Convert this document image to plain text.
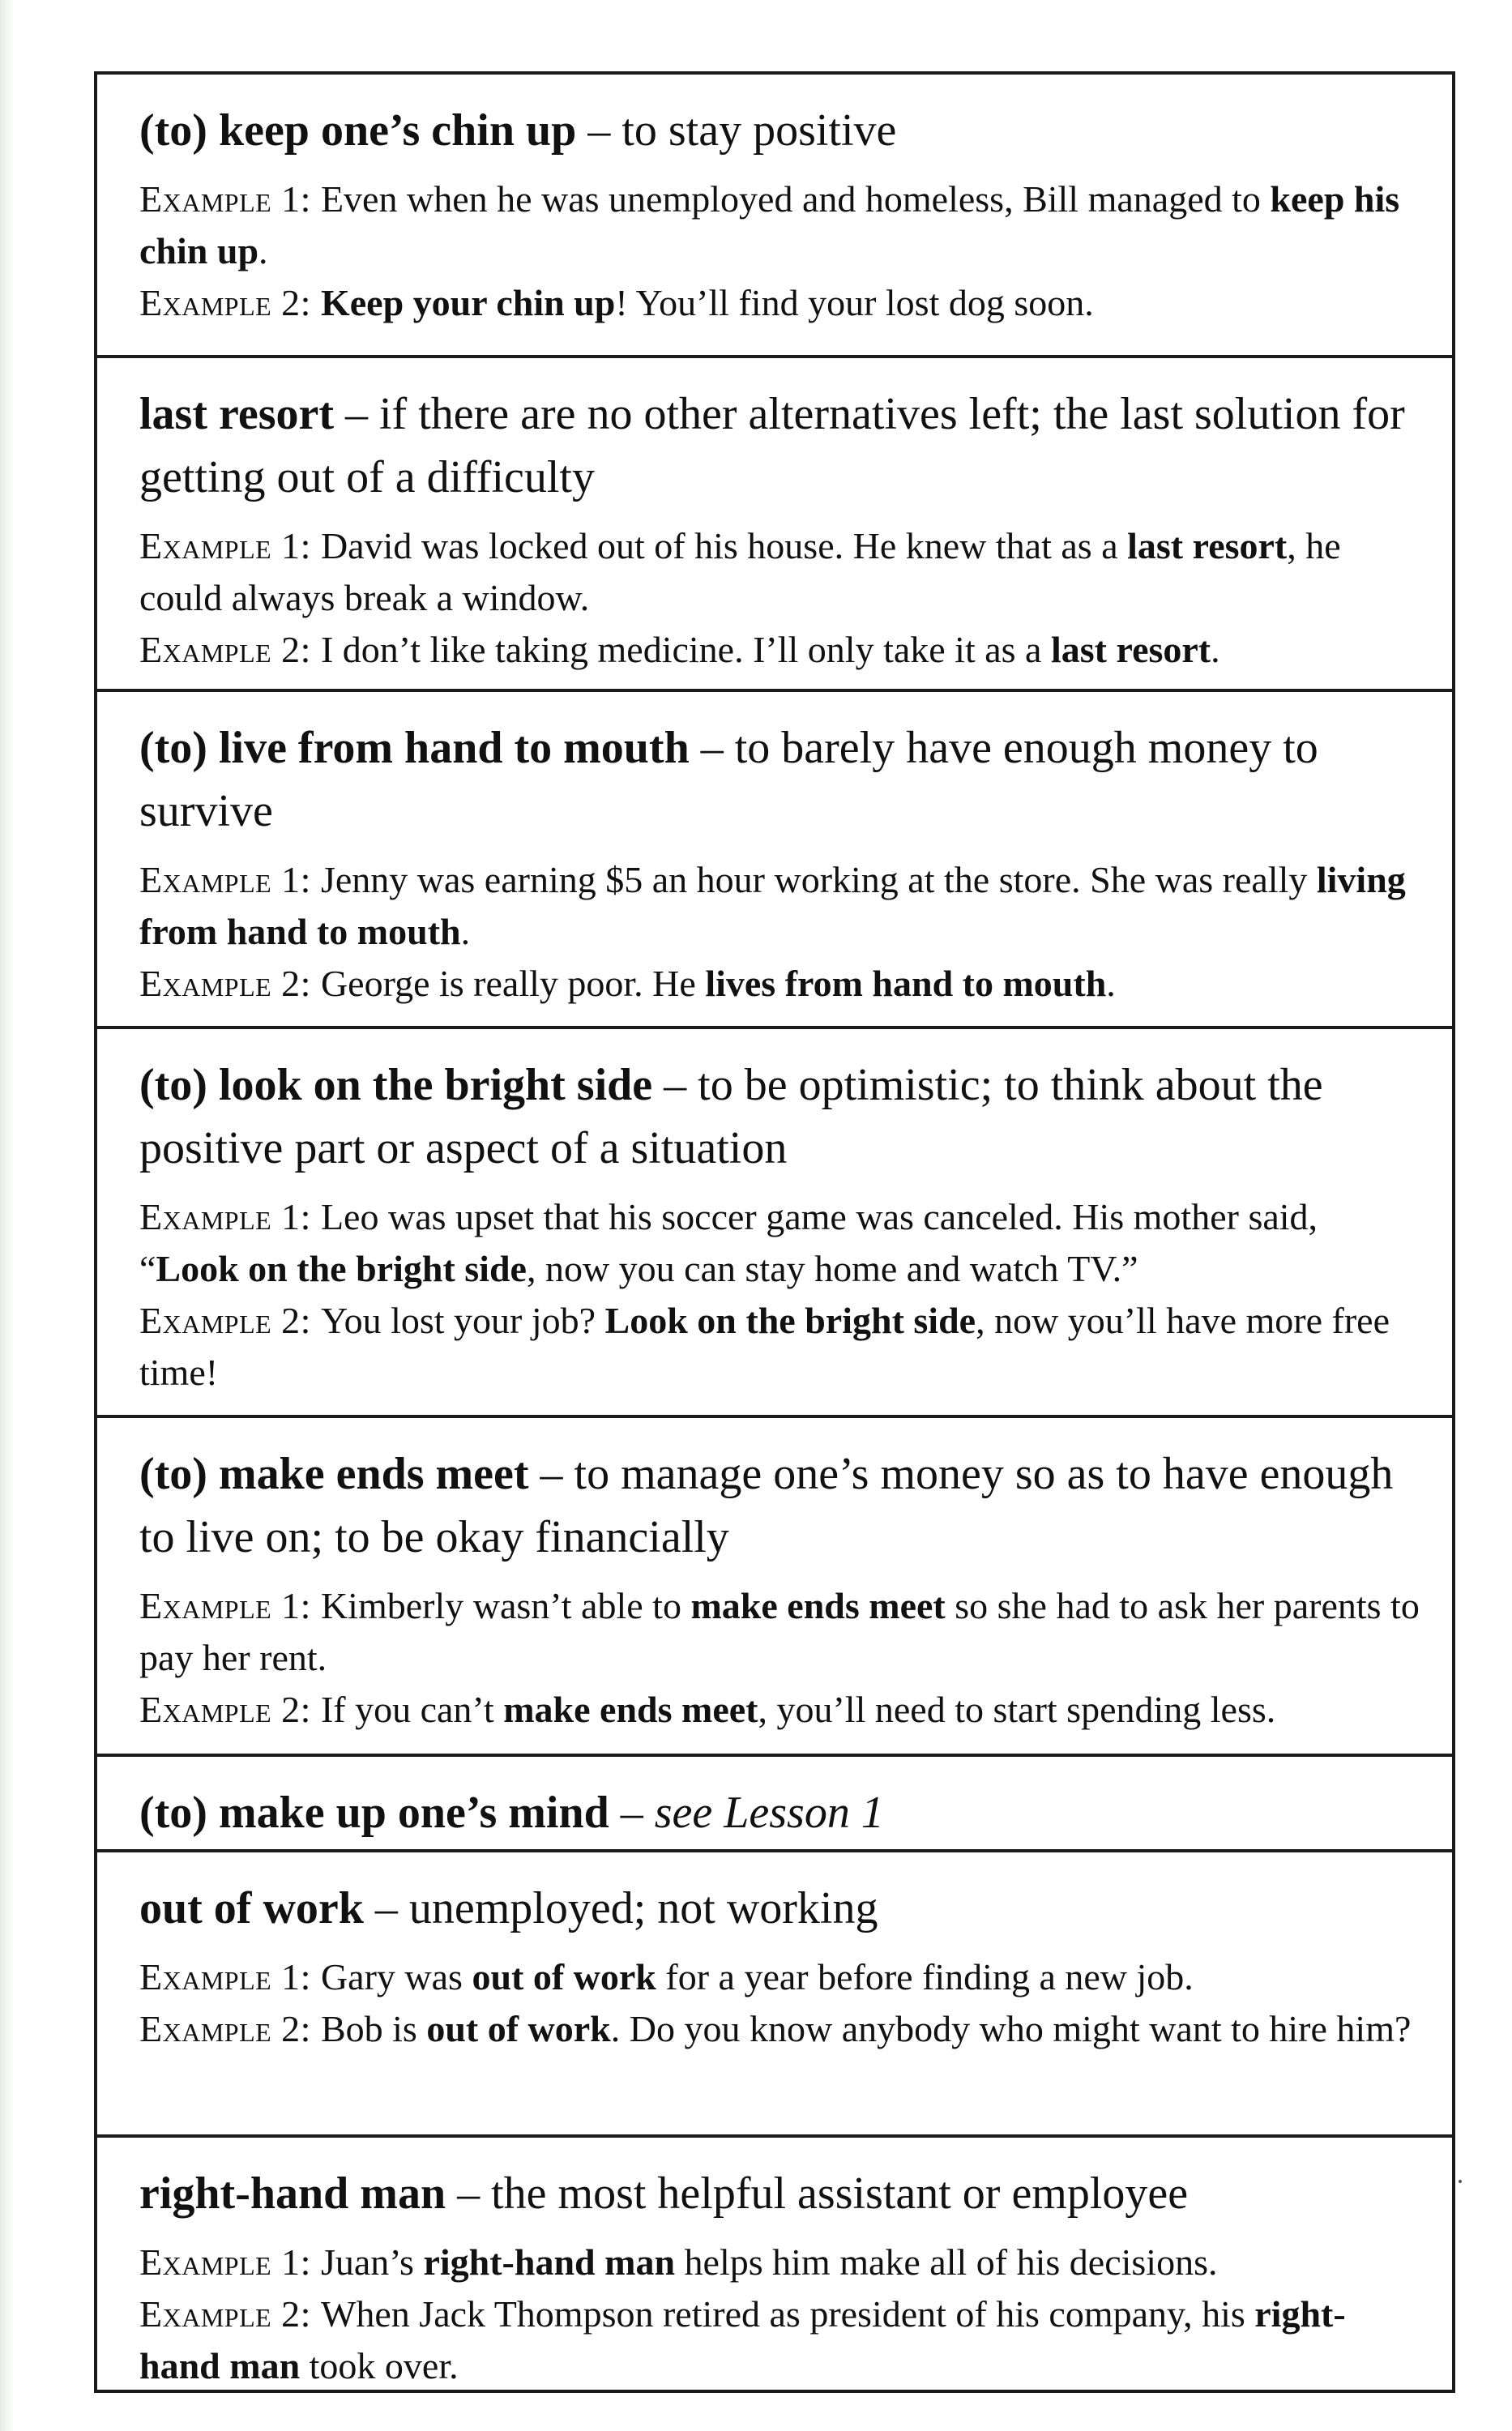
(to) keep one’s chin up – to stay positive

Example 1: Even when he was unemployed and homeless, Bill managed to keep his chin up.

Example 2: Keep your chin up! You’ll find your lost dog soon.

last resort – if there are no other alternatives left; the last solution for getting out of a difficulty

Example 1: David was locked out of his house. He knew that as a last resort, he could always break a window.

Example 2: I don’t like taking medicine. I’ll only take it as a last resort.

(to) live from hand to mouth – to barely have enough money to survive

Example 1: Jenny was earning $5 an hour working at the store. She was really living from hand to mouth.

Example 2: George is really poor. He lives from hand to mouth.

(to) look on the bright side – to be optimistic; to think about the positive part or aspect of a situation

Example 1: Leo was upset that his soccer game was canceled. His mother said, “Look on the bright side, now you can stay home and watch TV.”

Example 2: You lost your job? Look on the bright side, now you’ll have more free time!

(to) make ends meet – to manage one’s money so as to have enough to live on; to be okay financially

Example 1: Kimberly wasn’t able to make ends meet so she had to ask her parents to pay her rent.

Example 2: If you can’t make ends meet, you’ll need to start spending less.

(to) make up one’s mind – see Lesson 1

out of work – unemployed; not working

Example 1: Gary was out of work for a year before finding a new job.

Example 2: Bob is out of work. Do you know anybody who might want to hire him?

right-hand man – the most helpful assistant or employee

Example 1: Juan’s right-hand man helps him make all of his decisions.

Example 2: When Jack Thompson retired as president of his company, his right-hand man took over.
